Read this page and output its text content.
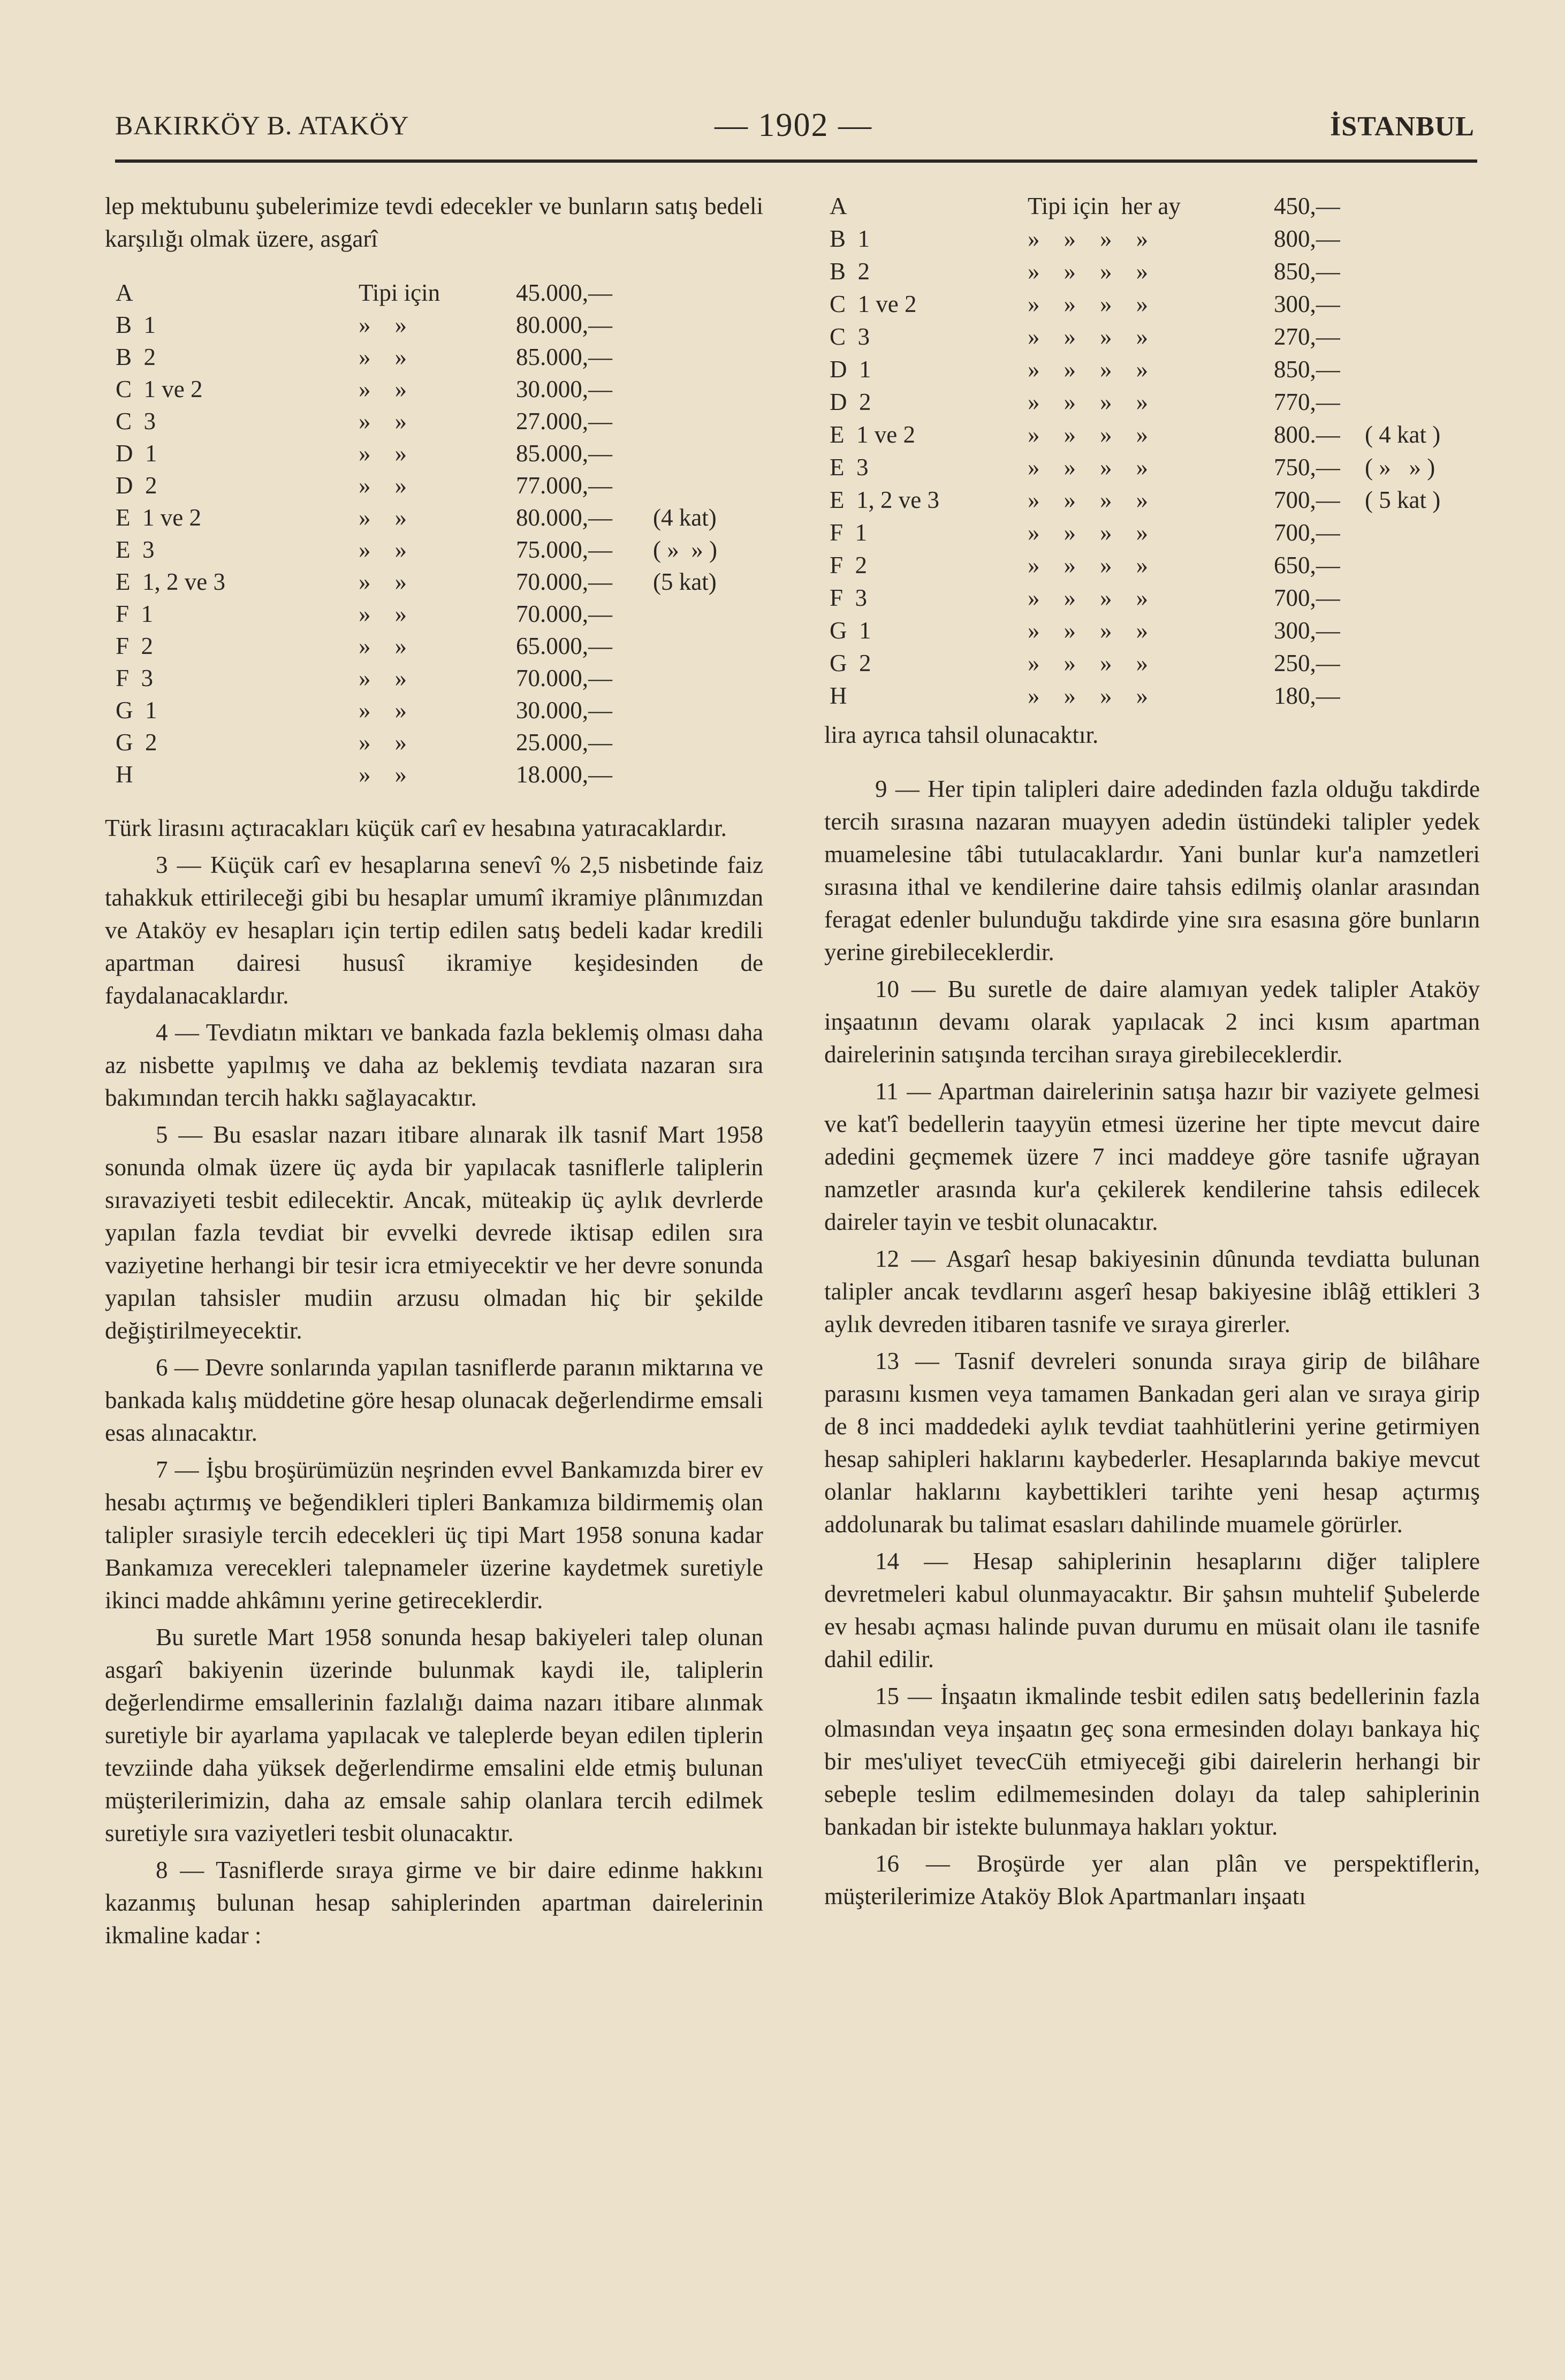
BAKIRKÖY B. ATAKÖY	— 1902 —	İSTANBUL

lep mektubunu şubelerimize tevdi edecekler ve bunların satış bedeli karşılığı olmak üzere, asgarî

A	Tipi için	45.000,—
B  1	»    »	80.000,—
B  2	»    »	85.000,—
C  1 ve 2	»    »	30.000,—
C  3	»    »	27.000,—
D  1	»    »	85.000,—
D  2	»    »	77.000,—
E  1 ve 2	»    »	80.000,— (4 kat)
E  3	»    »	75.000,— ( »  » )
E  1, 2 ve 3	»    »	70.000,— (5 kat)
F  1	»    »	70.000,—
F  2	»    »	65.000,—
F  3	»    »	70.000,—
G  1	»    »	30.000,—
G  2	»    »	25.000,—
H	»    »	18.000,—

Türk lirasını açtıracakları küçük carî ev hesabına yatıracaklardır.

3 — Küçük carî ev hesaplarına senevî % 2,5 nisbetinde faiz tahakkuk ettirileceği gibi bu hesaplar umumî ikramiye plânımızdan ve Ataköy ev hesapları için tertip edilen satış bedeli kadar kredili apartman dairesi hususî ikramiye keşidesinden de faydalanacaklardır.

4 — Tevdiatın miktarı ve bankada fazla beklemiş olması daha az nisbette yapılmış ve daha az beklemiş tevdiata nazaran sıra bakımından tercih hakkı sağlayacaktır.

5 — Bu esaslar nazarı itibare alınarak ilk tasnif Mart 1958 sonunda olmak üzere üç ayda bir yapılacak tasniflerle taliplerin sıravaziyeti tesbit edilecektir. Ancak, müteakip üç aylık devrlerde yapılan fazla tevdiat bir evvelki devrede iktisap edilen sıra vaziyetine herhangi bir tesir icra etmiyecektir ve her devre sonunda yapılan tahsisler mudiin arzusu olmadan hiç bir şekilde değiştirilmeyecektir.

6 — Devre sonlarında yapılan tasniflerde paranın miktarına ve bankada kalış müddetine göre hesap olunacak değerlendirme emsali esas alınacaktır.

7 — İşbu broşürümüzün neşrinden evvel Bankamızda birer ev hesabı açtırmış ve beğendikleri tipleri Bankamıza bildirmemiş olan talipler sırasiyle tercih edecekleri üç tipi Mart 1958 sonuna kadar Bankamıza verecekleri talepnameler üzerine kaydetmek suretiyle ikinci madde ahkâmını yerine getireceklerdir.

Bu suretle Mart 1958 sonunda hesap bakiyeleri talep olunan asgarî bakiyenin üzerinde bulunmak kaydi ile, taliplerin değerlendirme emsallerinin fazlalığı daima nazarı itibare alınmak suretiyle bir ayarlama yapılacak ve taleplerde beyan edilen tiplerin tevziinde daha yüksek değerlendirme emsalini elde etmiş bulunan müşterilerimizin, daha az emsale sahip olanlara tercih edilmek suretiyle sıra vaziyetleri tesbit olunacaktır.

8 — Tasniflerde sıraya girme ve bir daire edinme hakkını kazanmış bulunan hesap sahiplerinden apartman dairelerinin ikmaline kadar :

A	Tipi için  her ay	450,—
B  1	»    »    »    »	800,—
B  2	»    »    »    »	850,—
C  1 ve 2	»    »    »    »	300,—
C  3	»    »    »    »	270,—
D  1	»    »    »    »	850,—
D  2	»    »    »    »	770,—
E  1 ve 2	»    »    »    »	800.— ( 4 kat )
E  3	»    »    »    »	750,— ( »   » )
E  1, 2 ve 3	»    »    »    »	700,— ( 5 kat )
F  1	»    »    »    »	700,—
F  2	»    »    »    »	650,—
F  3	»    »    »    »	700,—
G  1	»    »    »    »	300,—
G  2	»    »    »    »	250,—
H	»    »    »    »	180,—

lira ayrıca tahsil olunacaktır.

9 — Her tipin talipleri daire adedinden fazla olduğu takdirde tercih sırasına nazaran muayyen adedin üstündeki talipler yedek muamelesine tâbi tutulacaklardır. Yani bunlar kur'a namzetleri sırasına ithal ve kendilerine daire tahsis edilmiş olanlar arasından feragat edenler bulunduğu takdirde yine sıra esasına göre bunların yerine girebileceklerdir.

10 — Bu suretle de daire alamıyan yedek talipler Ataköy inşaatının devamı olarak yapılacak 2 inci kısım apartman dairelerinin satışında tercihan sıraya girebileceklerdir.

11 — Apartman dairelerinin satışa hazır bir vaziyete gelmesi ve kat'î bedellerin taayyün etmesi üzerine her tipte mevcut daire adedini geçmemek üzere 7 inci maddeye göre tasnife uğrayan namzetler arasında kur'a çekilerek kendilerine tahsis edilecek daireler tayin ve tesbit olunacaktır.

12 — Asgarî hesap bakiyesinin dûnunda tevdiatta bulunan talipler ancak tevdlarını asgerî hesap bakiyesine iblâğ ettikleri 3 aylık devreden itibaren tasnife ve sıraya girerler.

13 — Tasnif devreleri sonunda sıraya girip de bilâhare parasını kısmen veya tamamen Bankadan geri alan ve sıraya girip de 8 inci maddedeki aylık tevdiat taahhütlerini yerine getirmiyen hesap sahipleri haklarını kaybederler. Hesaplarında bakiye mevcut olanlar haklarını kaybettikleri tarihte yeni hesap açtırmış addolunarak bu talimat esasları dahilinde muamele görürler.

14 — Hesap sahiplerinin hesaplarını diğer taliplere devretmeleri kabul olunmayacaktır. Bir şahsın muhtelif Şubelerde ev hesabı açması halinde puvan durumu en müsait olanı ile tasnife dahil edilir.

15 — İnşaatın ikmalinde tesbit edilen satış bedellerinin fazla olmasından veya inşaatın geç sona ermesinden dolayı bankaya hiç bir mes'uliyet tevecCüh etmiyeceği gibi dairelerin herhangi bir sebeple teslim edilmemesinden dolayı da talep sahiplerinin bankadan bir istekte bulunmaya hakları yoktur.

16 — Broşürde yer alan plân ve perspektiflerin, müşterilerimize Ataköy Blok Apartmanları inşaatı
